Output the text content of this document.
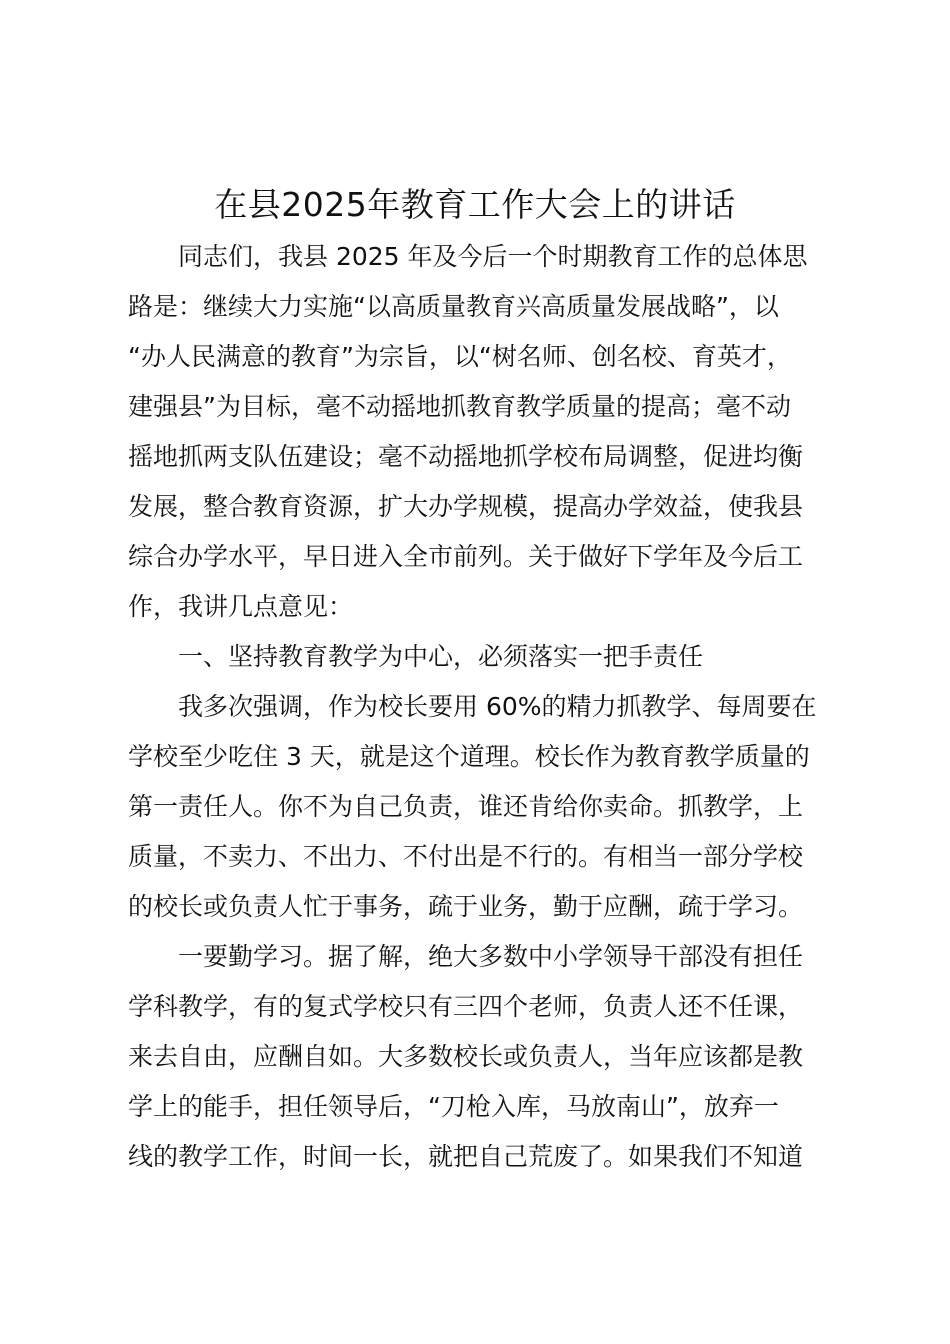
在县2025年教育工作大会上的讲话
同志们，我县 2025 年及今后一个时期教育工作的总体思
路是：继续大力实施“以高质量教育兴高质量发展战略”，以
“办人民满意的教育”为宗旨，以“树名师、创名校、育英才，
建强县”为目标，毫不动摇地抓教育教学质量的提高；毫不动
摇地抓两支队伍建设；毫不动摇地抓学校布局调整，促进均衡
发展，整合教育资源，扩大办学规模，提高办学效益，使我县
综合办学水平，早日进入全市前列。关于做好下学年及今后工
作，我讲几点意见：
一、坚持教育教学为中心，必须落实一把手责任
我多次强调，作为校长要用 60%的精力抓教学、每周要在
学校至少吃住 3 天，就是这个道理。校长作为教育教学质量的
第一责任人。你不为自己负责，谁还肯给你卖命。抓教学，上
质量，不卖力、不出力、不付出是不行的。有相当一部分学校
的校长或负责人忙于事务，疏于业务，勤于应酬，疏于学习。
一要勤学习。据了解，绝大多数中小学领导干部没有担任
学科教学，有的复式学校只有三四个老师，负责人还不任课，
来去自由，应酬自如。大多数校长或负责人，当年应该都是教
学上的能手，担任领导后，“刀枪入库，马放南山”，放弃一
线的教学工作，时间一长，就把自己荒废了。如果我们不知道
